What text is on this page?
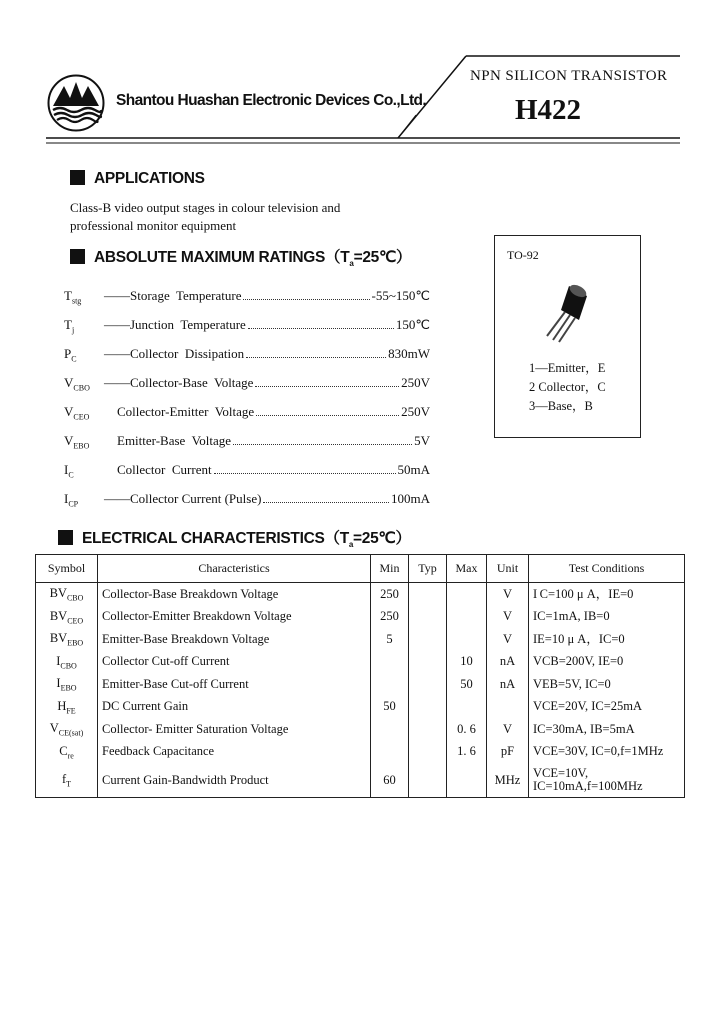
Shantou Huashan Electronic Devices Co.,Ltd.
NPN SILICON TRANSISTOR
H422
APPLICATIONS
Class-B video output stages in colour television and professional monitor equipment
ABSOLUTE MAXIMUM $RATINGS(T_a=25℃)$
$T_{stg}$	——Storage  Temperature	-55~150℃
$T_j$	——Junction  Temperature	150℃
$P_C$	——Collector  Dissipation	830mW
$V_{CBO}$	——Collector-Base  Voltage	250V
$V_{CEO}$	Collector-Emitter  Voltage	250V
$V_{EBO}$	Emitter-Base  Voltage	5V
$I_C$	Collector  Current	50mA
$I_{CP}$	——Collector Current (Pulse)	100mA
TO-92
1—Emitter，E
2 Collector，C
3—Base，B
ELECTRICAL $CHARACTERISTICS(T_a=25℃)$
Symbol	Characteristics	Min	Typ	Max	Unit	Test Conditions
$BV_{CBO}$	Collector-Base Breakdown Voltage	250			V	I C=100 μ A，IE=0
$BV_{CEO}$	Collector-Emitter Breakdown Voltage	250			V	IC=1mA, IB=0
$BV_{EBO}$	Emitter-Base Breakdown Voltage	5			V	IE=10 μ A，IC=0
$I_{CBO}$	Collector Cut-off Current			10	nA	VCB=200V, IE=0
$I_{EBO}$	Emitter-Base Cut-off Current			50	nA	VEB=5V, IC=0
$H_{FE}$	DC Current Gain	50				VCE=20V, IC=25mA
$V_{CE(sat)}$	Collector- Emitter Saturation Voltage			0. 6	V	IC=30mA, IB=5mA
$C_{re}$	Feedback Capacitance			1. 6	pF	VCE=30V, IC=0,f=1MHz
$f_T$	Current Gain-Bandwidth Product	60			MHz	VCE=10V, IC=10mA,f=100MHz
